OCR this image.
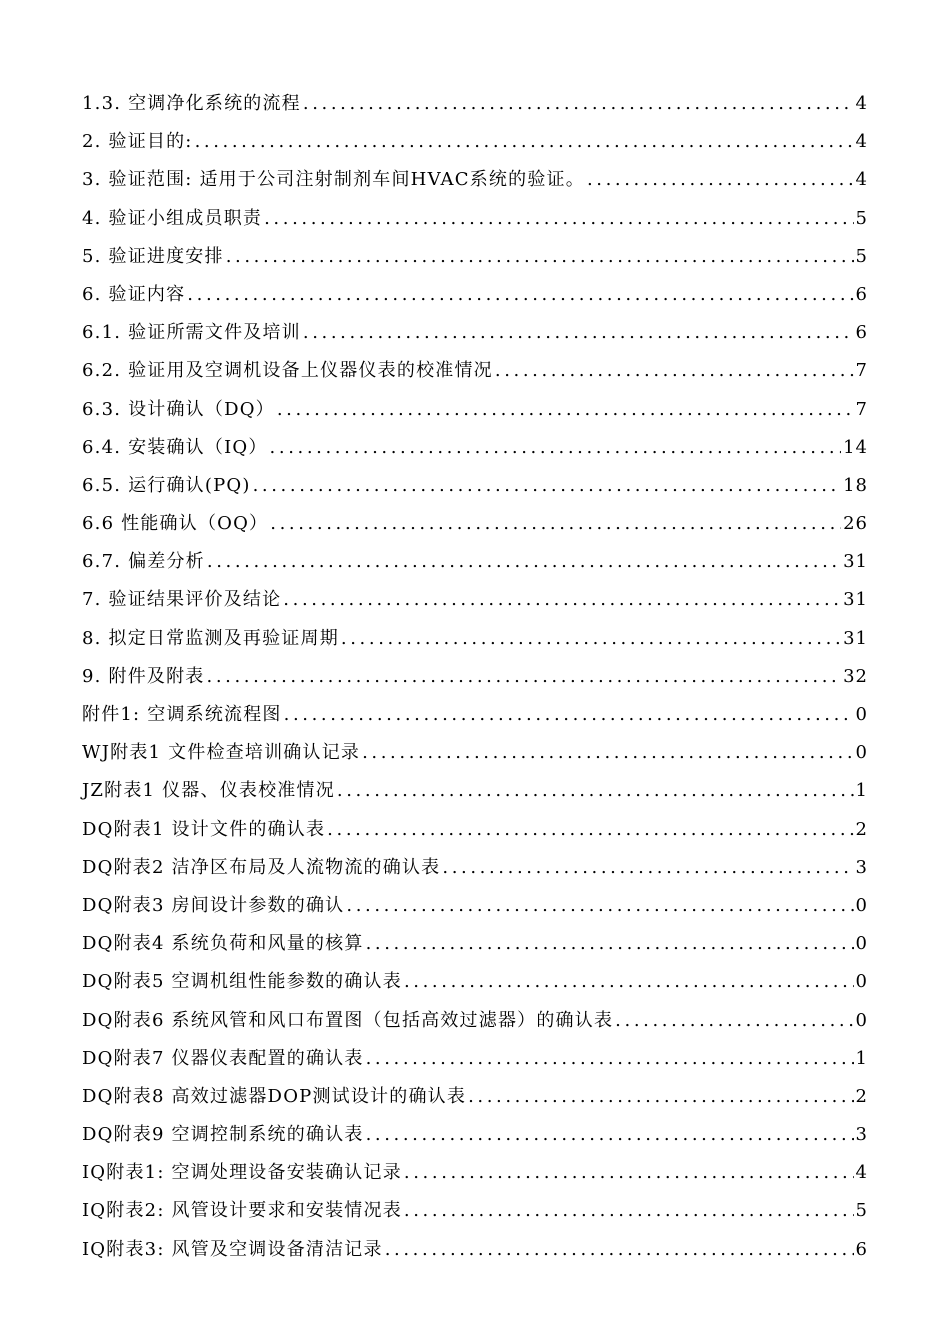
1.3. 空调净化系统的流程 .....	4
2. 验证目的: .....	4
3. 验证范围: 适用于公司注射制剂车间HVAC系统的验证。 .....	4
4. 验证小组成员职责 .....	5
5. 验证进度安排 .....	5
6. 验证内容 .....	6
6.1. 验证所需文件及培训 .....	6
6.2. 验证用及空调机设备上仪器仪表的校准情况 .....	7
6.3. 设计确认（DQ） .....	7
6.4. 安装确认（IQ） .....	14
6.5. 运行确认(PQ) .....	18
6.6 性能确认（OQ） .....	26
6.7. 偏差分析 .....	31
7. 验证结果评价及结论 .....	31
8. 拟定日常监测及再验证周期 .....	31
9. 附件及附表 .....	32
附件1: 空调系统流程图 .....	0
WJ附表1 文件检查培训确认记录 .....	0
JZ附表1 仪器、仪表校准情况 .....	1
DQ附表1 设计文件的确认表 .....	2
DQ附表2 洁净区布局及人流物流的确认表 .....	3
DQ附表3 房间设计参数的确认 .....	0
DQ附表4 系统负荷和风量的核算 .....	0
DQ附表5 空调机组性能参数的确认表 .....	0
DQ附表6 系统风管和风口布置图（包括高效过滤器）的确认表 .....	0
DQ附表7 仪器仪表配置的确认表 .....	1
DQ附表8 高效过滤器DOP测试设计的确认表 .....	2
DQ附表9 空调控制系统的确认表 .....	3
IQ附表1: 空调处理设备安装确认记录 .....	4
IQ附表2: 风管设计要求和安装情况表 .....	5
IQ附表3: 风管及空调设备清洁记录 .....	6
